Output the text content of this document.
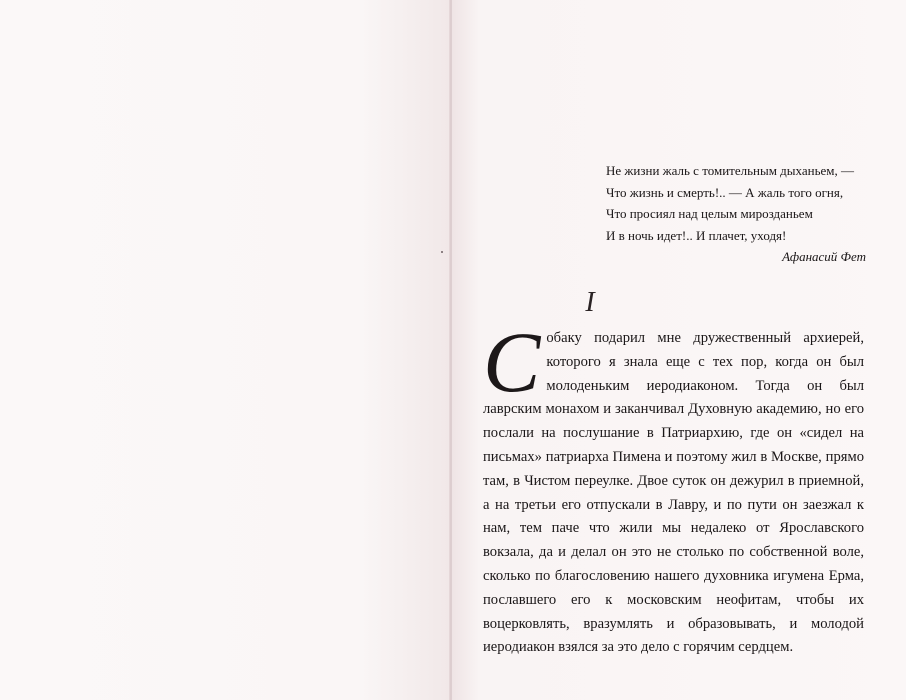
Не жизни жаль с томительным дыханьем, —
Что жизнь и смерть!.. — А жаль того огня,
Что просиял над целым мирозданьем
И в ночь идет!.. И плачет, уходя!
Афанасий Фет
I
С обаку подарил мне дружественный архиерей, которого я знала еще с тех пор, когда он был молоденьким иеродиаконом. Тогда он был лаврским монахом и заканчивал Духовную академию, но его послали на послушание в Патриархию, где он «сидел на письмах» патриарха Пимена и поэтому жил в Москве, прямо там, в Чистом переулке. Двое суток он дежурил в приемной, а на третьи его отпускали в Лавру, и по пути он заезжал к нам, тем паче что жили мы недалеко от Ярославского вокзала, да и делал он это не столько по собственной воле, сколько по благословению нашего духовника игумена Ерма, пославшего его к московским неофитам, чтобы их воцерковлять, вразумлять и образовывать, и молодой иеродиакон взялся за это дело с горячим сердцем.
